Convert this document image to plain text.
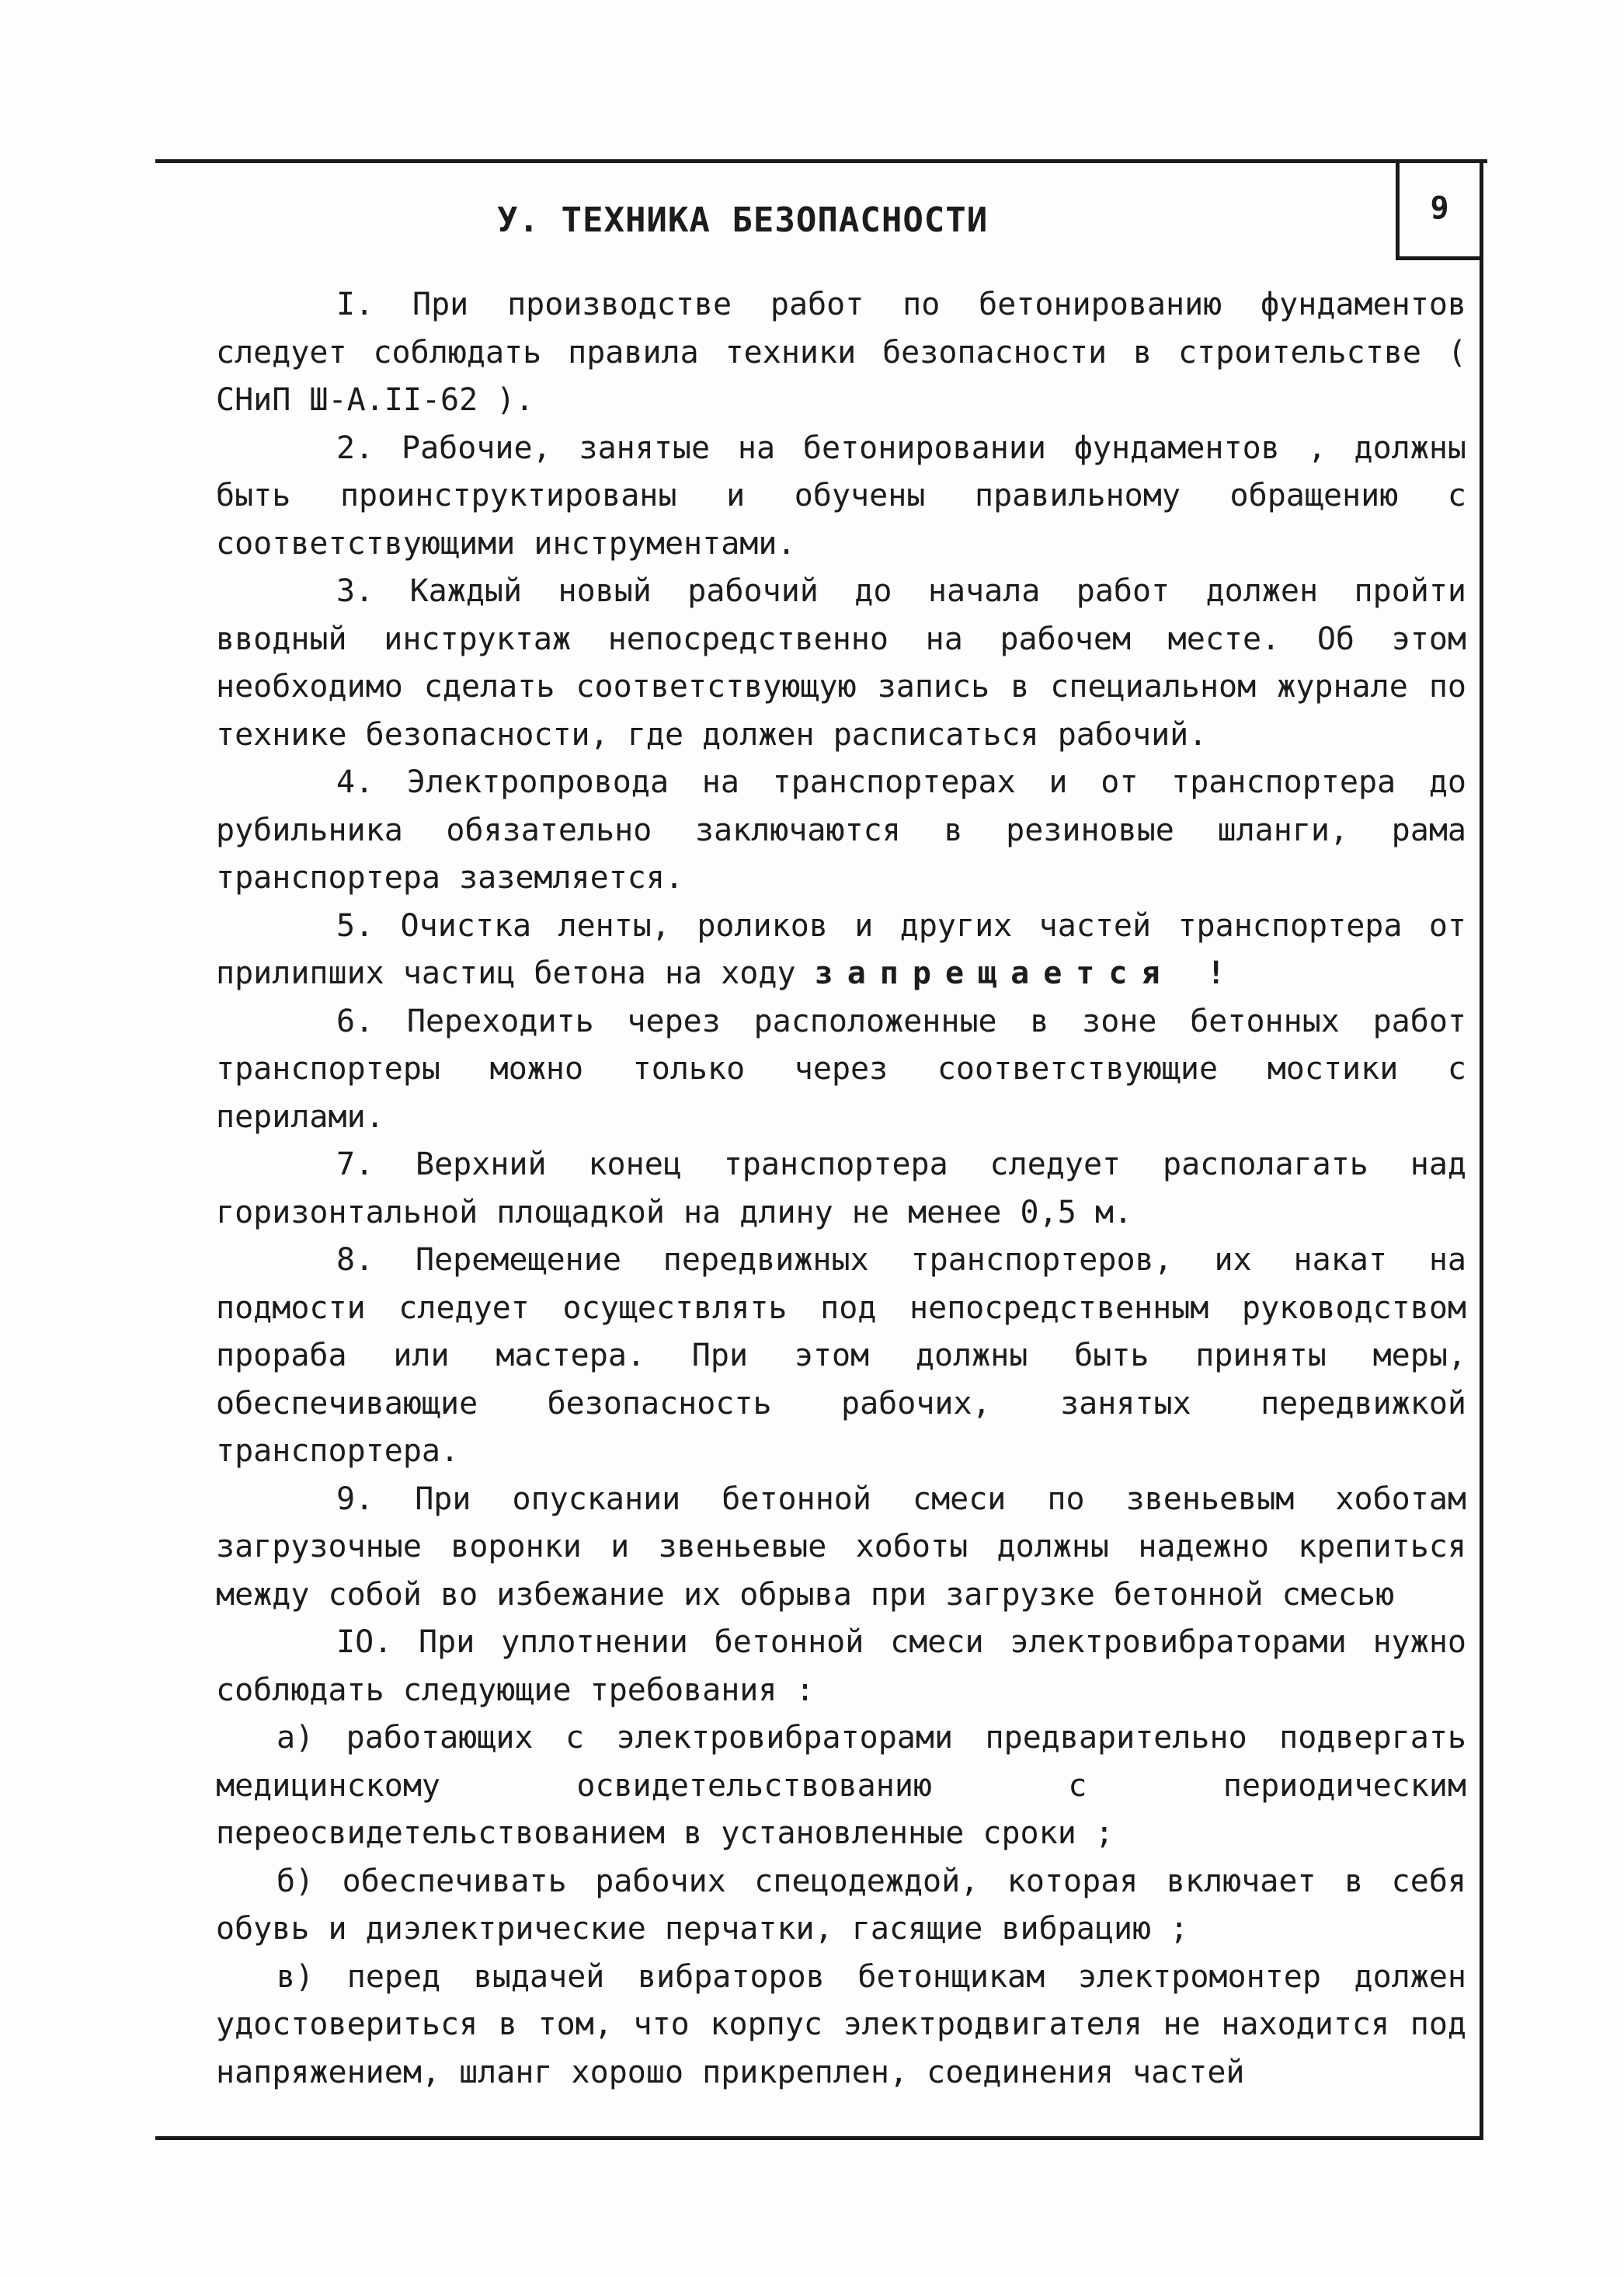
9
У. ТЕХНИКА БЕЗОПАСНОСТИ

I. При производстве работ по бетонированию фундаментов следует соблюдать правила техники безопасности в строительстве ( СНиП Ш-А.II-62 ).

2. Рабочие, занятые на бетонировании фундаментов , должны быть проинструктированы и обучены правильному обращению с соответствующими инструментами.

3. Каждый новый рабочий до начала работ должен пройти вводный инструктаж непосредственно на рабочем месте. Об этом необходимо сделать соответствующую запись в специальном журнале по технике безопасности, где должен расписаться рабочий.

4. Электропровода на транспортерах и от транспортера до рубильника обязательно заключаются в резиновые шланги, рама транспортера заземляется.

5. Очистка ленты, роликов и других частей транспортера от прилипших частиц бетона на ходу запрещается !

6. Переходить через расположенные в зоне бетонных работ транспортеры можно только через соответствующие мостики с перилами.

7. Верхний конец транспортера следует располагать над горизонтальной площадкой на длину не менее 0,5 м.

8. Перемещение передвижных транспортеров, их накат на подмости следует осуществлять под непосредственным руководством прораба или мастера. При этом должны быть приняты меры, обеспечивающие безопасность рабочих, занятых передвижкой транспортера.

9. При опускании бетонной смеси по звеньевым хоботам загрузочные воронки и звеньевые хоботы должны надежно крепиться между собой во избежание их обрыва при загрузке бетонной смесью

IO. При уплотнении бетонной смеси электровибраторами нужно соблюдать следующие требования :

а) работающих с электровибраторами предварительно подвергать медицинскому освидетельствованию с периодическим переосвидетельствованием в установленные сроки ;

б) обеспечивать рабочих спецодеждой, которая включает в себя обувь и диэлектрические перчатки, гасящие вибрацию ;

в) перед выдачей вибраторов бетонщикам электромонтер должен удостовериться в том, что корпус электродвигателя не находится под напряжением, шланг хорошо прикреплен, соединения частей
